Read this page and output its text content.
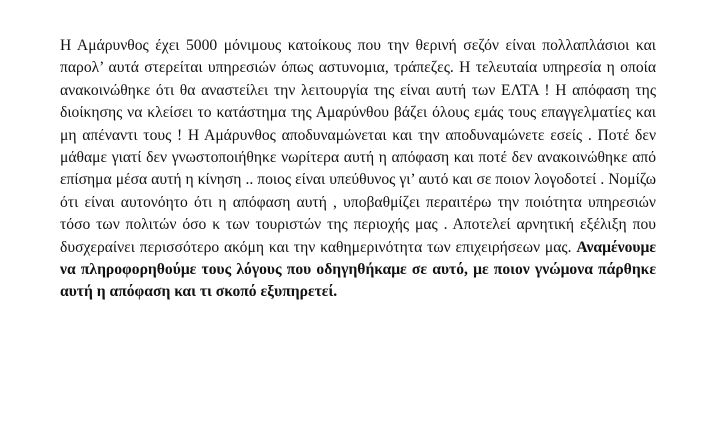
Η Αμάρυνθος έχει 5000 μόνιμους κατοίκους που την θερινή σεζόν είναι πολλαπλάσιοι και παρολ’ αυτά στερείται υπηρεσιών όπως αστυνομια, τράπεζες. Η τελευταία υπηρεσία η οποία ανακοινώθηκε ότι θα αναστείλει την λειτουργία της είναι αυτή των ΕΛΤΑ ! Η απόφαση της διοίκησης να κλείσει το κατάστημα της Αμαρύνθου βάζει όλους εμάς τους επαγγελματίες και μη απέναντι τους ! Η Αμάρυνθος αποδυναμώνεται και την αποδυναμώνετε εσείς . Ποτέ δεν μάθαμε γιατί δεν γνωστοποιήθηκε νωρίτερα αυτή η απόφαση και ποτέ δεν ανακοινώθηκε από επίσημα μέσα αυτή η κίνηση .. ποιος είναι υπεύθυνος γι’ αυτό και σε ποιον λογοδοτεί . Νομίζω ότι είναι αυτονόητο ότι η απόφαση αυτή , υποβαθμίζει περαιτέρω την ποιότητα υπηρεσιών τόσο των πολιτών όσο κ των τουριστών της περιοχής μας . Αποτελεί αρνητική εξέλιξη που δυσχεραίνει περισσότερο ακόμη και την καθημερινότητα των επιχειρήσεων μας. Αναμένουμε να πληροφορηθούμε τους λόγους που οδηγηθήκαμε σε αυτό, με ποιον γνώμονα πάρθηκε αυτή η απόφαση και τι σκοπό εξυπηρετεί.
